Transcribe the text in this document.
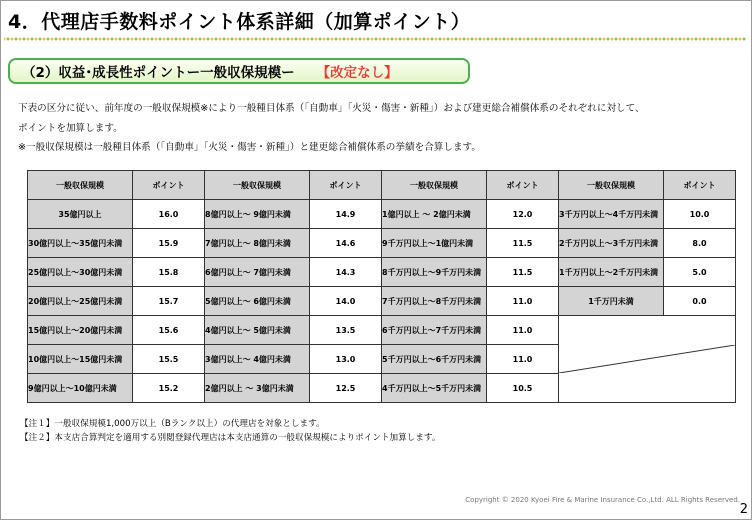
4．代理店手数料ポイント体系詳細（加算ポイント）
（2）収益･成長性ポイントー一般収保規模ー 【改定なし】
下表の区分に従い、前年度の一般収保規模※により一般種目体系（「自動車」「火災・傷害・新種」）および建更総合補償体系のそれぞれに対して、
ポイントを加算します。
※一般収保規模は一般種目体系（「自動車」「火災・傷害・新種」）と建更総合補償体系の挙績を合算します。
一般収保規模	ポイント	一般収保規模	ポイント	一般収保規模	ポイント	一般収保規模	ポイント
35億円以上	16.0	8億円以上～ 9億円未満	14.9	1億円以上 ～ 2億円未満	12.0	3千万円以上～4千万円未満	10.0
30億円以上～35億円未満	15.9	7億円以上～ 8億円未満	14.6	9千万円以上～1億円未満	11.5	2千万円以上～3千万円未満	8.0
25億円以上～30億円未満	15.8	6億円以上～ 7億円未満	14.3	8千万円以上～9千万円未満	11.5	1千万円以上～2千万円未満	5.0
20億円以上～25億円未満	15.7	5億円以上～ 6億円未満	14.0	7千万円以上～8千万円未満	11.0	1千万円未満	0.0
15億円以上～20億円未満	15.6	4億円以上～ 5億円未満	13.5	6千万円以上～7千万円未満	11.0	

10億円以上～15億円未満	15.5	3億円以上～ 4億円未満	13.0	5千万円以上～6千万円未満	11.0		
9億円以上～10億円未満	15.2	2億円以上 ～ 3億円未満	12.5	4千万円以上～5千万円未満	10.5		
【注１】一般収保規模1,000万以上（Bランク以上）の代理店を対象とします。
【注２】本支店合算判定を適用する別閲登録代理店は本支店通算の一般収保規模によりポイント加算します。
Copyright © 2020 Kyoei Fire & Marine Insurance Co.,Ltd. ALL Rights Reserved.
2
